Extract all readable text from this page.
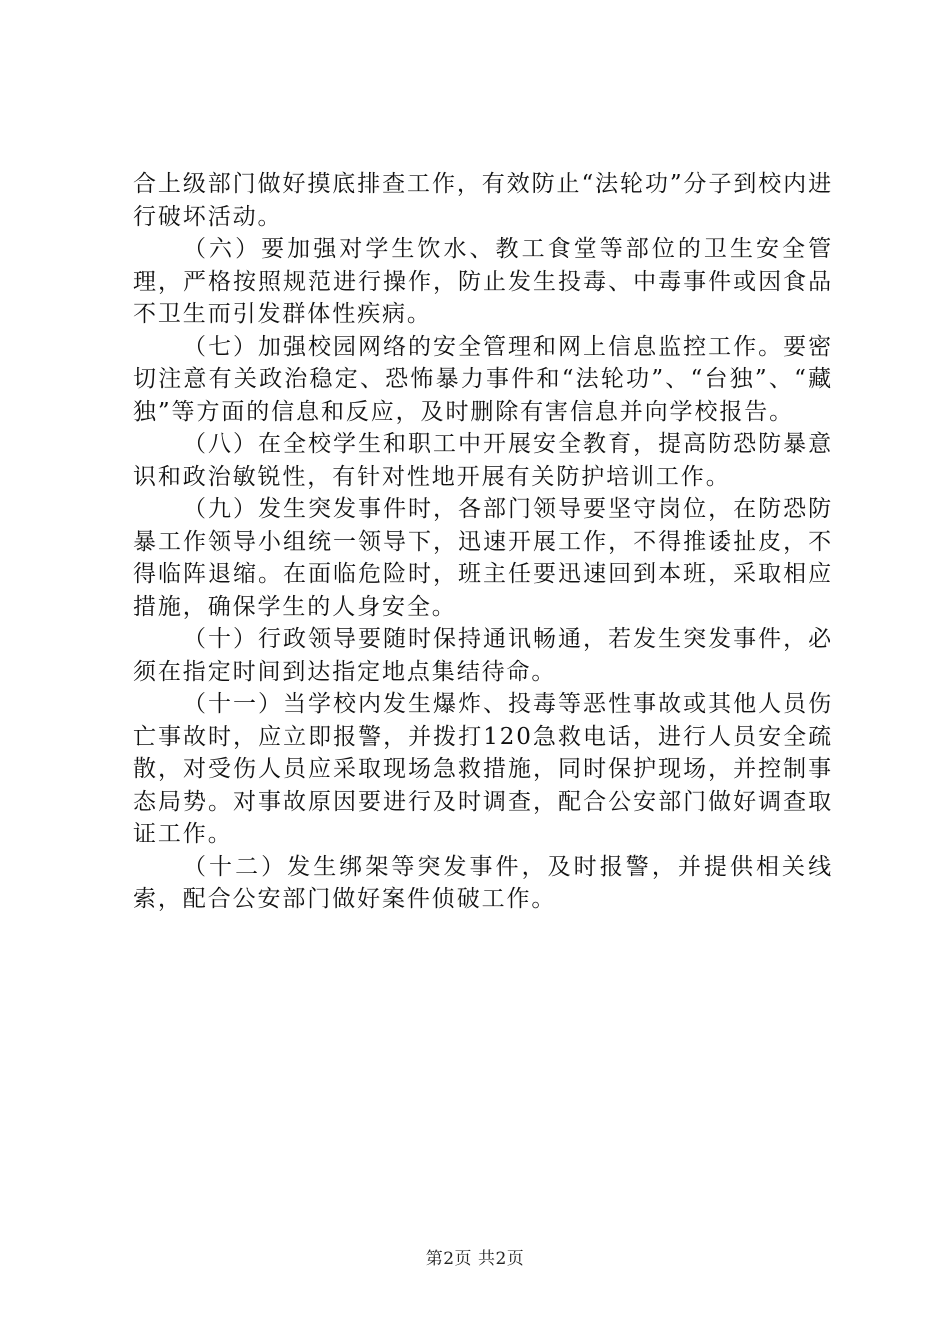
合上级部门做好摸底排查工作，有效防止“法轮功”分子到校内进行破坏活动。

（六）要加强对学生饮水、教工食堂等部位的卫生安全管理，严格按照规范进行操作，防止发生投毒、中毒事件或因食品不卫生而引发群体性疾病。

（七）加强校园网络的安全管理和网上信息监控工作。要密切注意有关政治稳定、恐怖暴力事件和“法轮功”、“台独”、“藏独”等方面的信息和反应，及时删除有害信息并向学校报告。

（八）在全校学生和职工中开展安全教育，提高防恐防暴意识和政治敏锐性，有针对性地开展有关防护培训工作。

（九）发生突发事件时，各部门领导要坚守岗位，在防恐防暴工作领导小组统一领导下，迅速开展工作，不得推诿扯皮，不得临阵退缩。在面临危险时，班主任要迅速回到本班，采取相应措施，确保学生的人身安全。

（十）行政领导要随时保持通讯畅通，若发生突发事件，必须在指定时间到达指定地点集结待命。

（十一）当学校内发生爆炸、投毒等恶性事故或其他人员伤亡事故时，应立即报警，并拨打120急救电话，进行人员安全疏散，对受伤人员应采取现场急救措施，同时保护现场，并控制事态局势。对事故原因要进行及时调查，配合公安部门做好调查取证工作。

（十二）发生绑架等突发事件，及时报警，并提供相关线索，配合公安部门做好案件侦破工作。

第2页 共2页
